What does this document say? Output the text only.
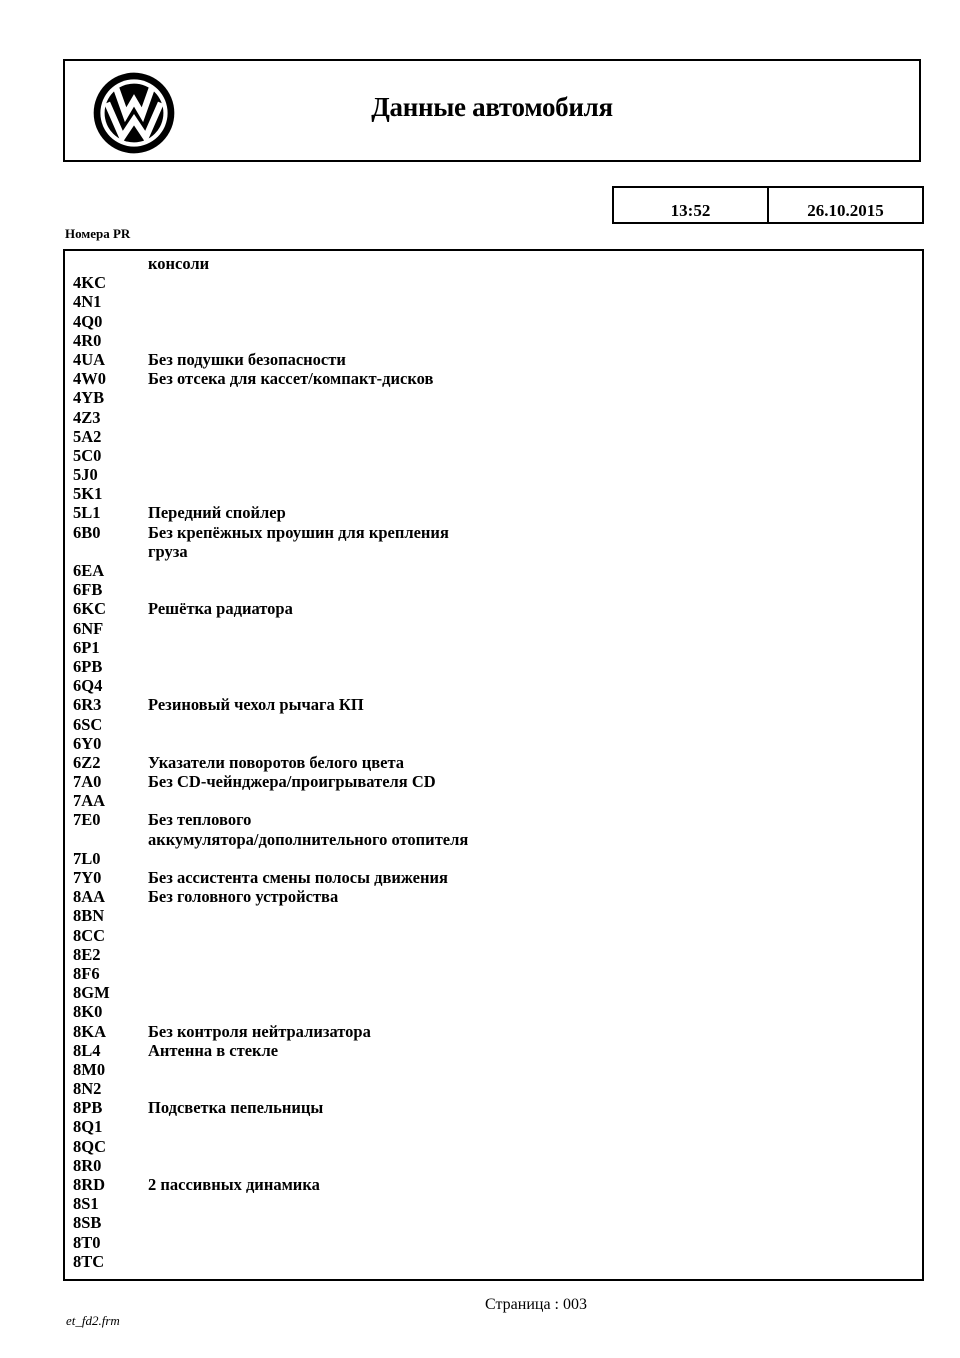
Данные автомобиля
13:52	26.10.2015
Номера PR
консоли
4KC
4N1
4Q0
4R0
4UA	Без подушки безопасности
4W0	Без отсека для кассет/компакт-дисков
4YB
4Z3
5A2
5C0
5J0
5K1
5L1	Передний спойлер
6B0	Без крепёжных проушин для крепления
груза
6EA
6FB
6KC	Решётка радиатора
6NF
6P1
6PB
6Q4
6R3	Резиновый чехол рычага КП
6SC
6Y0
6Z2	Указатели поворотов белого цвета
7A0	Без CD-чейнджера/проигрывателя CD
7AA
7E0	Без теплового
аккумулятора/дополнительного отопителя
7L0
7Y0	Без ассистента смены полосы движения
8AA	Без головного устройства
8BN
8CC
8E2
8F6
8GM
8K0
8KA	Без контроля нейтрализатора
8L4	Антенна в стекле
8M0
8N2
8PB	Подсветка пепельницы
8Q1
8QC
8R0
8RD	2 пассивных динамика
8S1
8SB
8T0
8TC
Страница : 003
et_fd2.frm
